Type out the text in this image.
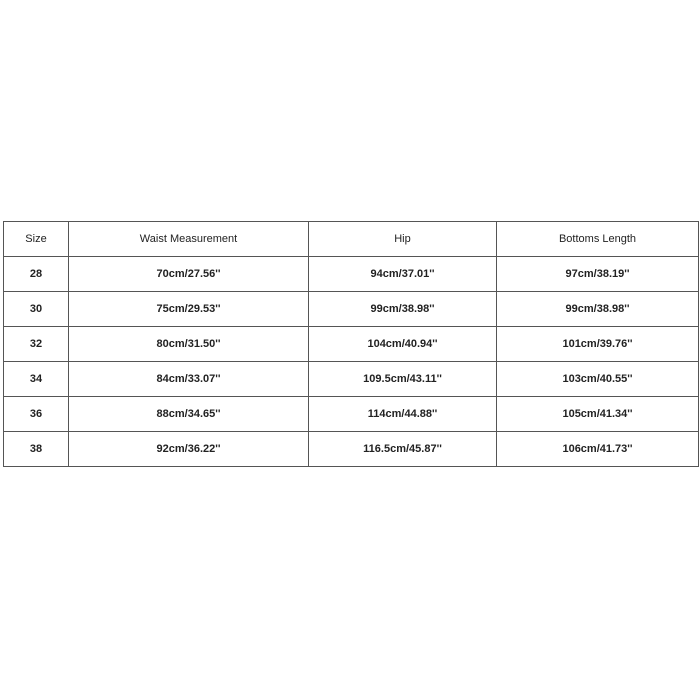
Size	Waist Measurement	Hip	Bottoms Length
28	70cm/27.56''	94cm/37.01''	97cm/38.19''
30	75cm/29.53''	99cm/38.98''	99cm/38.98''
32	80cm/31.50''	104cm/40.94''	101cm/39.76''
34	84cm/33.07''	109.5cm/43.11''	103cm/40.55''
36	88cm/34.65''	114cm/44.88''	105cm/41.34''
38	92cm/36.22''	116.5cm/45.87''	106cm/41.73''
